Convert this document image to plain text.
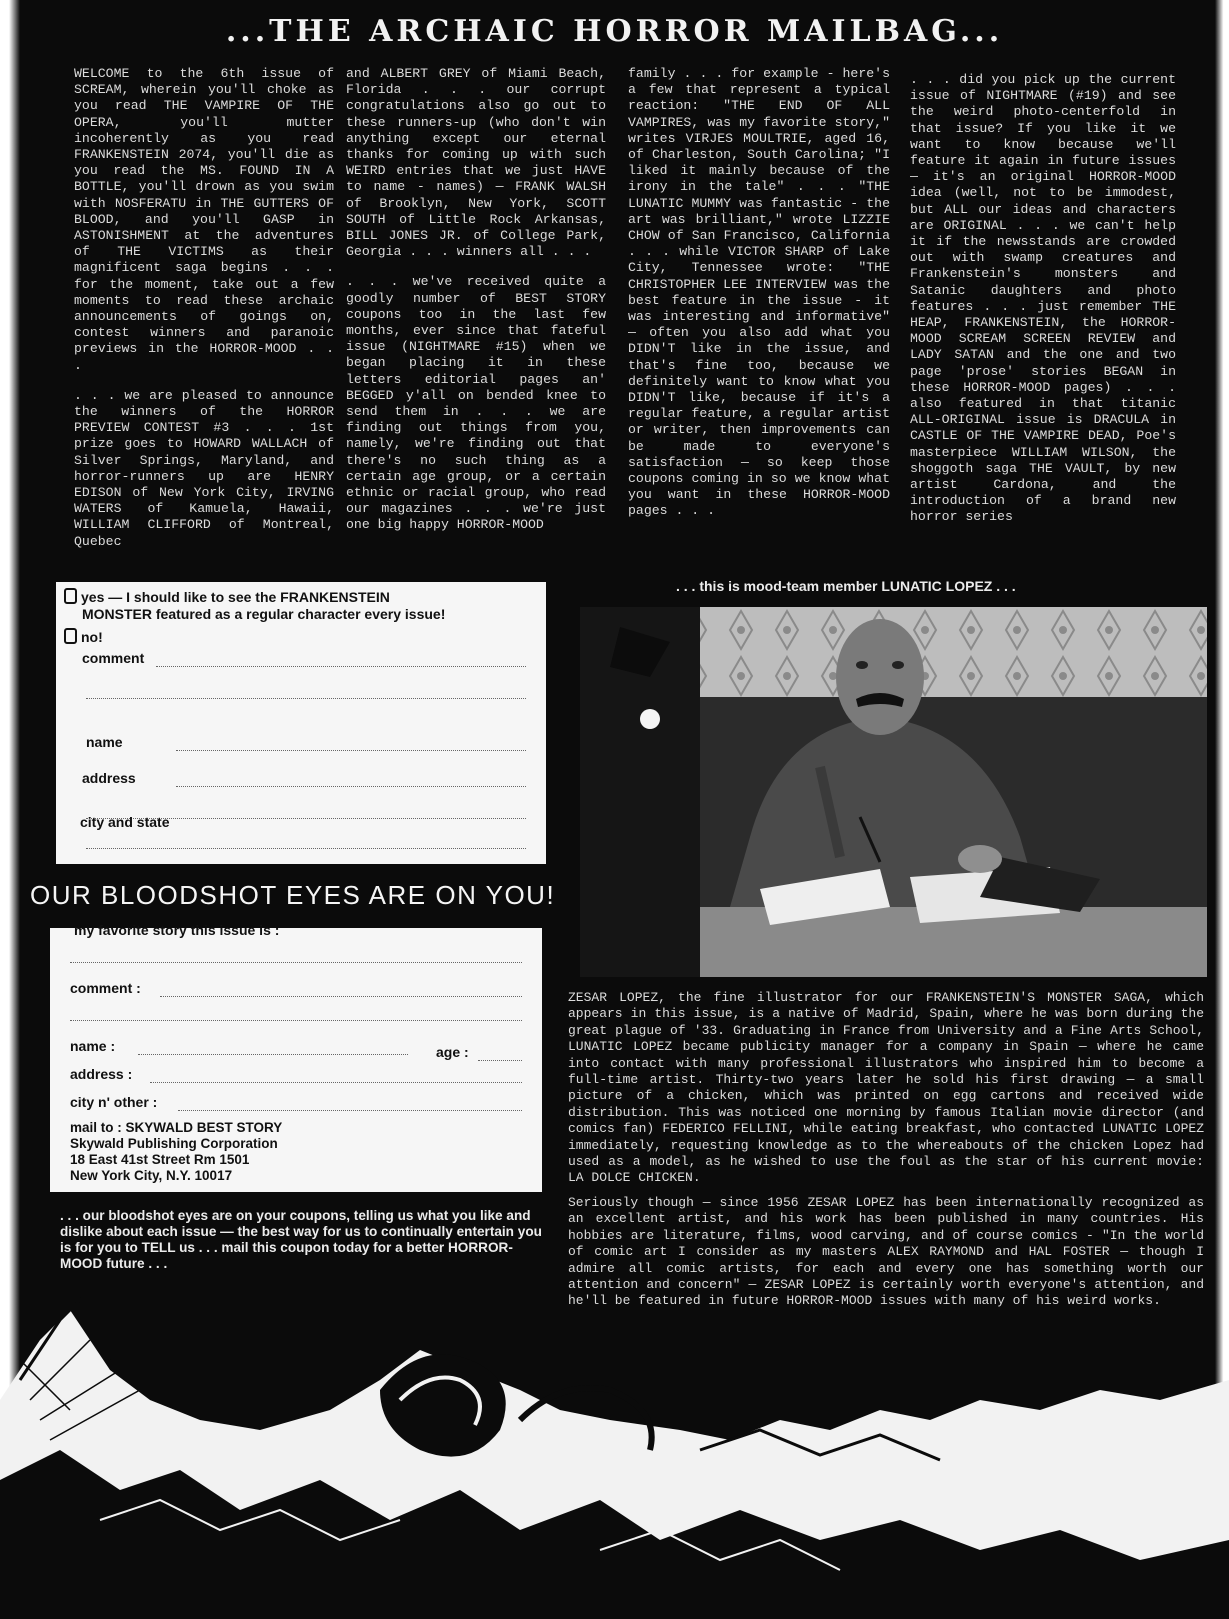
...THE ARCHAIC HORROR MAILBAG...

WELCOME to the 6th issue of SCREAM, wherein you'll choke as you read THE VAMPIRE OF THE OPERA, you'll mutter incoherently as you read FRANKENSTEIN 2074, you'll die as you read the MS. FOUND IN A BOTTLE, you'll drown as you swim with NOSFERATU in THE GUTTERS OF BLOOD, and you'll GASP in ASTONISHMENT at the adventures of THE VICTIMS as their magnificent saga begins . . . for the moment, take out a few moments to read these archaic announcements of goings on, contest winners and paranoic previews in the HORROR-MOOD . . .

. . . we are pleased to announce the winners of the HORROR PREVIEW CONTEST #3 . . . 1st prize goes to HOWARD WALLACH of Silver Springs, Maryland, and horror-runners up are HENRY EDISON of New York City, IRVING WATERS of Kamuela, Hawaii, WILLIAM CLIFFORD of Montreal, Quebec

and ALBERT GREY of Miami Beach, Florida . . . our corrupt congratulations also go out to these runners-up (who don't win anything except our eternal thanks for coming up with such WEIRD entries that we just HAVE to name - names) — FRANK WALSH of Brooklyn, New York, SCOTT SOUTH of Little Rock Arkansas, BILL JONES JR. of College Park, Georgia . . . winners all . . .

. . . we've received quite a goodly number of BEST STORY coupons too in the last few months, ever since that fateful issue (NIGHTMARE #15) when we began placing it in these letters editorial pages an' BEGGED y'all on bended knee to send them in . . . we are finding out things from you, namely, we're finding out that there's no such thing as a certain age group, or a certain ethnic or racial group, who read our magazines . . . we're just one big happy HORROR-MOOD

family . . . for example - here's a few that represent a typical reaction: "THE END OF ALL VAMPIRES, was my favorite story," writes VIRJES MOULTRIE, aged 16, of Charleston, South Carolina; "I liked it mainly because of the irony in the tale" . . . "THE LUNATIC MUMMY was fantastic - the art was brilliant," wrote LIZZIE CHOW of San Francisco, California . . . while VICTOR SHARP of Lake City, Tennessee wrote: "THE CHRISTOPHER LEE INTERVIEW was the best feature in the issue - it was interesting and informative" — often you also add what you DIDN'T like in the issue, and that's fine too, because we definitely want to know what you DIDN'T like, because if it's a regular feature, a regular artist or writer, then improvements can be made to everyone's satisfaction — so keep those coupons coming in so we know what you want in these HORROR-MOOD pages . . .

. . . did you pick up the current issue of NIGHTMARE (#19) and see the weird photo-centerfold in that issue? If you like it we want to know because we'll feature it again in future issues — it's an original HORROR-MOOD idea (well, not to be immodest, but ALL our ideas and characters are ORIGINAL . . . we can't help it if the newsstands are crowded out with swamp creatures and Frankenstein's monsters and Satanic daughters and photo features . . . just remember THE HEAP, FRANKENSTEIN, the HORROR-MOOD SCREAM SCREEN REVIEW and LADY SATAN and the one and two page 'prose' stories BEGAN in these HORROR-MOOD pages) . . . also featured in that titanic ALL-ORIGINAL issue is DRACULA in CASTLE OF THE VAMPIRE DEAD, Poe's masterpiece WILLIAM WILSON, the shoggoth saga THE VAULT, by new artist Cardona, and the introduction of a brand new horror series

yes — I should like to see the FRANKENSTEIN
MONSTER featured as a regular character every issue!
no!
comment
name
address
city and state
OUR BLOODSHOT EYES ARE ON YOU!
my favorite story this issue is :
comment :
name :	age :
address :
city n' other :
mail to : SKYWALD BEST STORY
Skywald Publishing Corporation
18 East 41st Street Rm 1501
New York City, N.Y. 10017
. . . our bloodshot eyes are on your coupons, telling us what you like and dislike about each issue — the best way for us to continually entertain you is for you to TELL us . . . mail this coupon today for a better HORROR-MOOD future . . .
. . . this is mood-team member LUNATIC LOPEZ . . .

ZESAR LOPEZ, the fine illustrator for our FRANKENSTEIN'S MONSTER SAGA, which appears in this issue, is a native of Madrid, Spain, where he was born during the great plague of '33. Graduating in France from University and a Fine Arts School, LUNATIC LOPEZ became publicity manager for a company in Spain — where he came into contact with many professional illustrators who inspired him to become a full-time artist. Thirty-two years later he sold his first drawing — a small picture of a chicken, which was printed on egg cartons and received wide distribution. This was noticed one morning by famous Italian movie director (and comics fan) FEDERICO FELLINI, while eating breakfast, who contacted LUNATIC LOPEZ immediately, requesting knowledge as to the whereabouts of the chicken Lopez had used as a model, as he wished to use the foul as the star of his current movie: LA DOLCE CHICKEN.

Seriously though — since 1956 ZESAR LOPEZ has been internationally recognized as an excellent artist, and his work has been published in many countries. His hobbies are literature, films, wood carving, and of course comics - "In the world of comic art I consider as my masters ALEX RAYMOND and HAL FOSTER — though I admire all comic artists, for each and every one has something worth our attention and concern" — ZESAR LOPEZ is certainly worth everyone's attention, and he'll be featured in future HORROR-MOOD issues with many of his weird works.
